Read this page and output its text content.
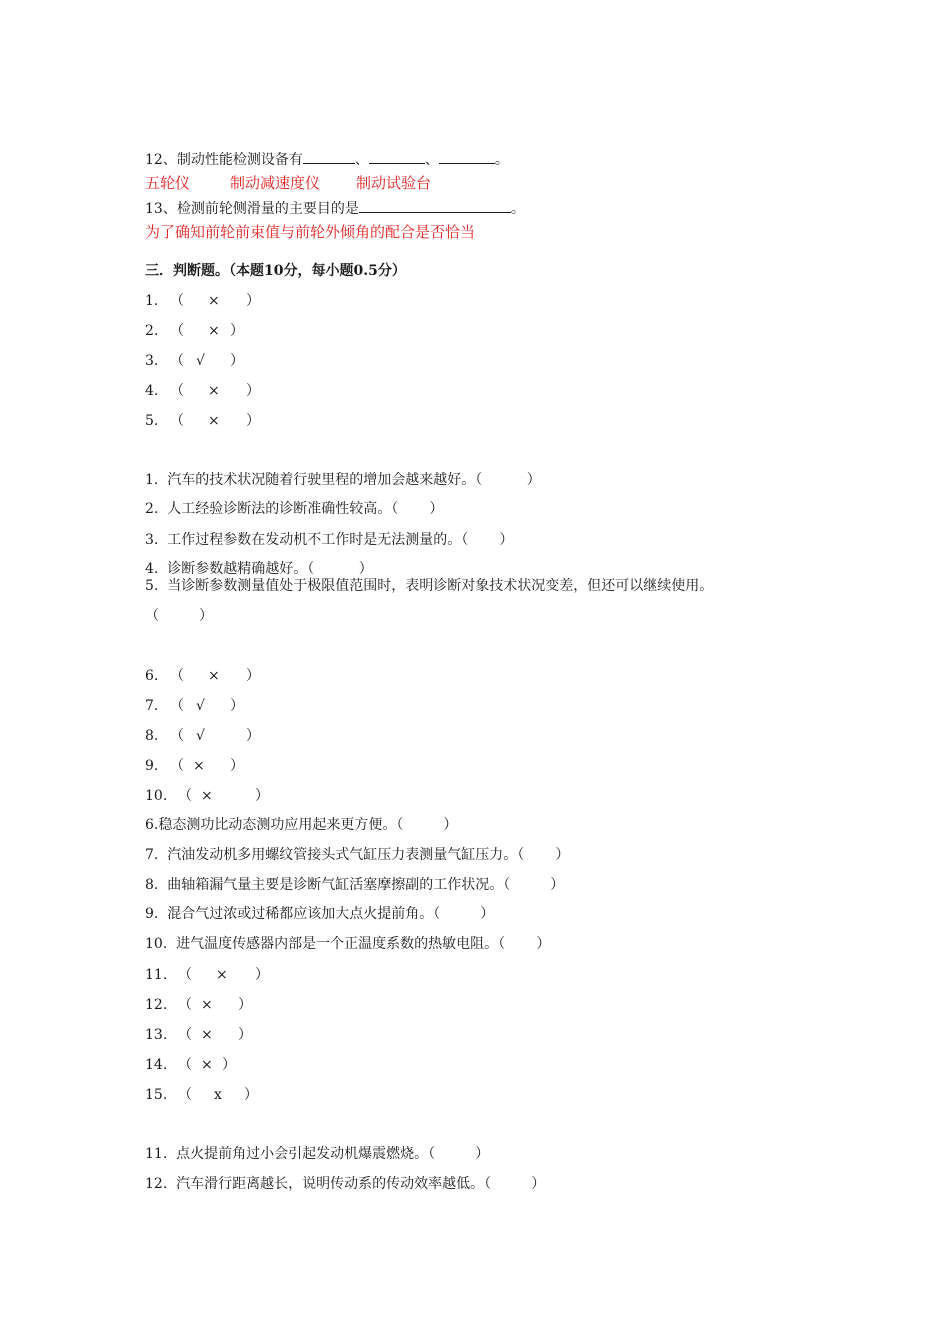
12、制动性能检测设备有	、	、	。
五轮仪	制动减速度仪 制动试验台
13、检测前轮侧滑量的主要目的是	。
为了确知前轮前束值与前轮外倾角的配合是否恰当
三．判断题。（本题10分，每小题0.5分）
1. （ × ）
2. （ × ）
3. （ √ ）
4. （ × ）
5. （ × ）
1.  汽车的技术状况随着行驶里程的增加会越来越好。（          ）
2.  人工经验诊断法的诊断准确性较高。（       ）
3.  工作过程参数在发动机不工作时是无法测量的。（       ）
4.  诊断参数越精确越好。（          ）
5.  当诊断参数测量值处于极限值范围时，表明诊断对象技术状况变差，但还可以继续使用。
（         ）
6. （ × ）
7. （ √ ）
8. （ √	）
9. （ × ）
10. （ ×	）
6.稳态测功比动态测功应用起来更方便。（         ）
7.  汽油发动机多用螺纹管接头式气缸压力表测量气缸压力。（       ）
8.  曲轴箱漏气量主要是诊断气缸活塞摩擦副的工作状况。（         ）
9.  混合气过浓或过稀都应该加大点火提前角。（         ）
10.  进气温度传感器内部是一个正温度系数的热敏电阻。（       ）
11. （ × ）
12. （ × ）
13. （ × ）
14. （ × ）
15. （ x ）
11.  点火提前角过小会引起发动机爆震燃烧。（         ）
12.  汽车滑行距离越长，说明传动系的传动效率越低。（         ）
